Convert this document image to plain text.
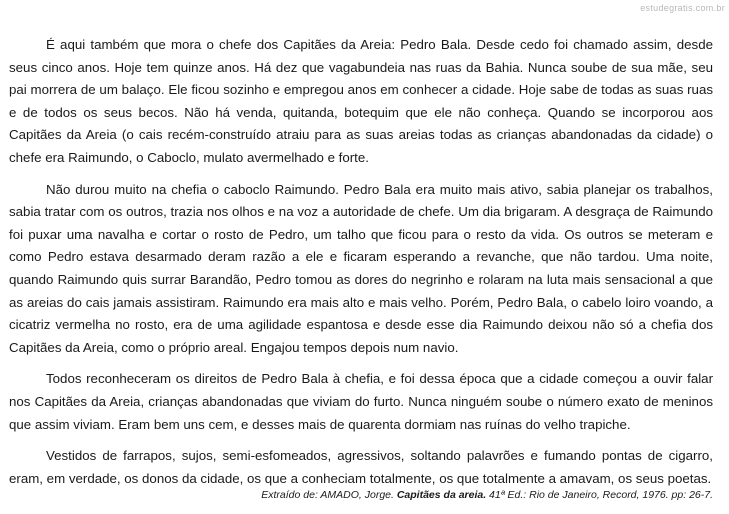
estudegratis.com.br

É aqui também que mora o chefe dos Capitães da Areia: Pedro Bala. Desde cedo foi chamado assim, desde seus cinco anos. Hoje tem quinze anos. Há dez que vagabundeia nas ruas da Bahia. Nunca soube de sua mãe, seu pai morrera de um balaço. Ele ficou sozinho e empregou anos em conhecer a cidade. Hoje sabe de todas as suas ruas e de todos os seus becos. Não há venda, quitanda, botequim que ele não conheça. Quando se incorporou aos Capitães da Areia (o cais recém-construído atraiu para as suas areias todas as crianças abandonadas da cidade) o chefe era Raimundo, o Caboclo, mulato avermelhado e forte.

Não durou muito na chefia o caboclo Raimundo. Pedro Bala era muito mais ativo, sabia planejar os trabalhos, sabia tratar com os outros, trazia nos olhos e na voz a autoridade de chefe. Um dia brigaram. A desgraça de Raimundo foi puxar uma navalha e cortar o rosto de Pedro, um talho que ficou para o resto da vida. Os outros se meteram e como Pedro estava desarmado deram razão a ele e ficaram esperando a revanche, que não tardou. Uma noite, quando Raimundo quis surrar Barandão, Pedro tomou as dores do negrinho e rolaram na luta mais sensacional a que as areias do cais jamais assistiram. Raimundo era mais alto e mais velho. Porém, Pedro Bala, o cabelo loiro voando, a cicatriz vermelha no rosto, era de uma agilidade espantosa e desde esse dia Raimundo deixou não só a chefia dos Capitães da Areia, como o próprio areal. Engajou tempos depois num navio.

Todos reconheceram os direitos de Pedro Bala à chefia, e foi dessa época que a cidade começou a ouvir falar nos Capitães da Areia, crianças abandonadas que viviam do furto. Nunca ninguém soube o número exato de meninos que assim viviam. Eram bem uns cem, e desses mais de quarenta dormiam nas ruínas do velho trapiche.

Vestidos de farrapos, sujos, semi-esfomeados, agressivos, soltando palavrões e fumando pontas de cigarro, eram, em verdade, os donos da cidade, os que a conheciam totalmente, os que totalmente a amavam, os seus poetas.

Extraído de: AMADO, Jorge. Capitães da areia. 41ª Ed.: Rio de Janeiro, Record, 1976. pp: 26-7.
